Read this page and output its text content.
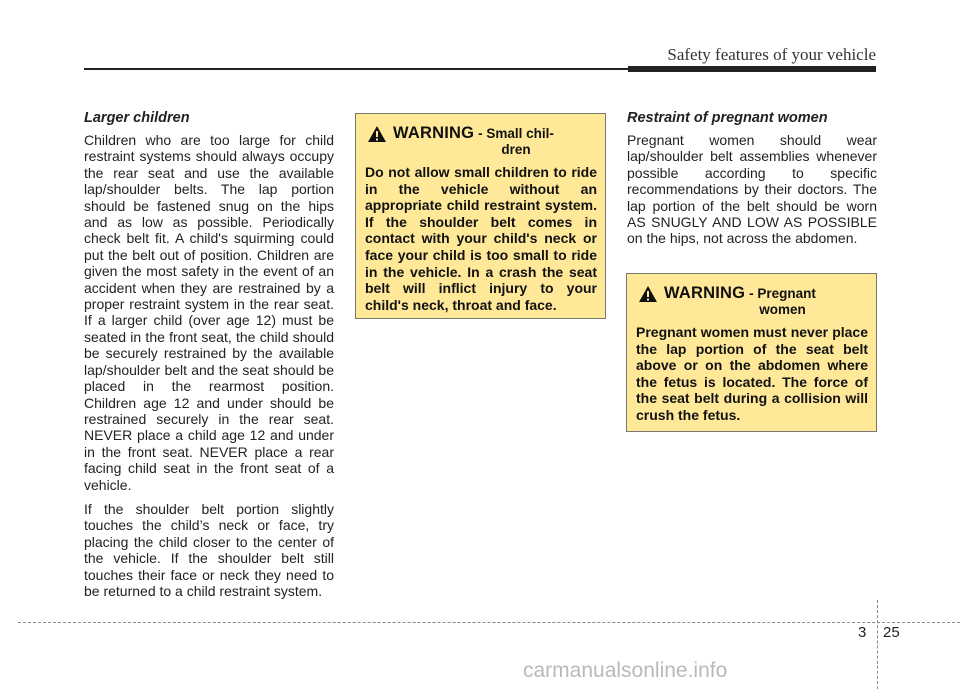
Safety features of your vehicle

Larger children

Children who are too large for child restraint systems should always occupy the rear seat and use the available lap/shoulder belts. The lap portion should be fastened snug on the hips and as low as possible. Periodically check belt fit. A child's squirming could put the belt out of position. Children are given the most safety in the event of an accident when they are restrained by a proper restraint system in the rear seat. If a larger child (over age 12) must be seated in the front seat, the child should be securely restrained by the available lap/shoulder belt and the seat should be placed in the rearmost position. Children age 12 and under should be restrained securely in the rear seat. NEVER place a child age 12 and under in the front seat. NEVER place a rear facing child seat in the front seat of a vehicle.

If the shoulder belt portion slightly touches the child’s neck or face, try placing the child closer to the center of the vehicle. If the shoulder belt still touches their face or neck they need to be returned to a child restraint system.

WARNING - Small chil-
dren

Do not allow small children to ride in the vehicle without an appropriate child restraint system. If the shoulder belt comes in contact with your child's neck or face your child is too small to ride in the vehicle. In a crash the seat belt will inflict injury to your child's neck, throat and face.

Restraint of pregnant women

Pregnant women should wear lap/shoulder belt assemblies whenever possible according to specific recommendations by their doctors. The lap portion of the belt should be worn AS SNUGLY AND LOW AS POSSIBLE on the hips, not across the abdomen.

WARNING - Pregnant
women

Pregnant women must never place the lap portion of the seat belt above or on the abdomen where the fetus is located. The force of the seat belt during a collision will crush the fetus.

3 25
carmanualsonline.info
